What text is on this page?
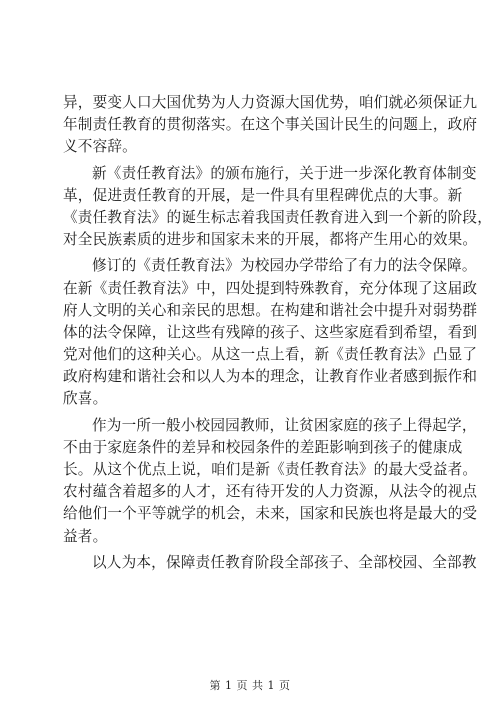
异，要变人口大国优势为人力资源大国优势，咱们就必须保证九
年制责任教育的贯彻落实。在这个事关国计民生的问题上，政府
义不容辞。
新《责任教育法》的颁布施行，关于进一步深化教育体制变
革，促进责任教育的开展，是一件具有里程碑优点的大事。新
《责任教育法》的诞生标志着我国责任教育进入到一个新的阶段，
对全民族素质的进步和国家未来的开展，都将产生用心的效果。
修订的《责任教育法》为校园办学带给了有力的法令保障。
在新《责任教育法》中，四处提到特殊教育，充分体现了这届政
府人文明的关心和亲民的思想。在构建和谐社会中提升对弱势群
体的法令保障，让这些有残障的孩子、这些家庭看到希望，看到
党对他们的这种关心。从这一点上看，新《责任教育法》凸显了
政府构建和谐社会和以人为本的理念，让教育作业者感到振作和
欣喜。
作为一所一般小校园园教师，让贫困家庭的孩子上得起学，
不由于家庭条件的差异和校园条件的差距影响到孩子的健康成
长。从这个优点上说，咱们是新《责任教育法》的最大受益者。
农村蕴含着超多的人才，还有待开发的人力资源，从法令的视点
给他们一个平等就学的机会，未来，国家和民族也将是最大的受
益者。
以人为本，保障责任教育阶段全部孩子、全部校园、全部教
第 1 页 共 1 页
